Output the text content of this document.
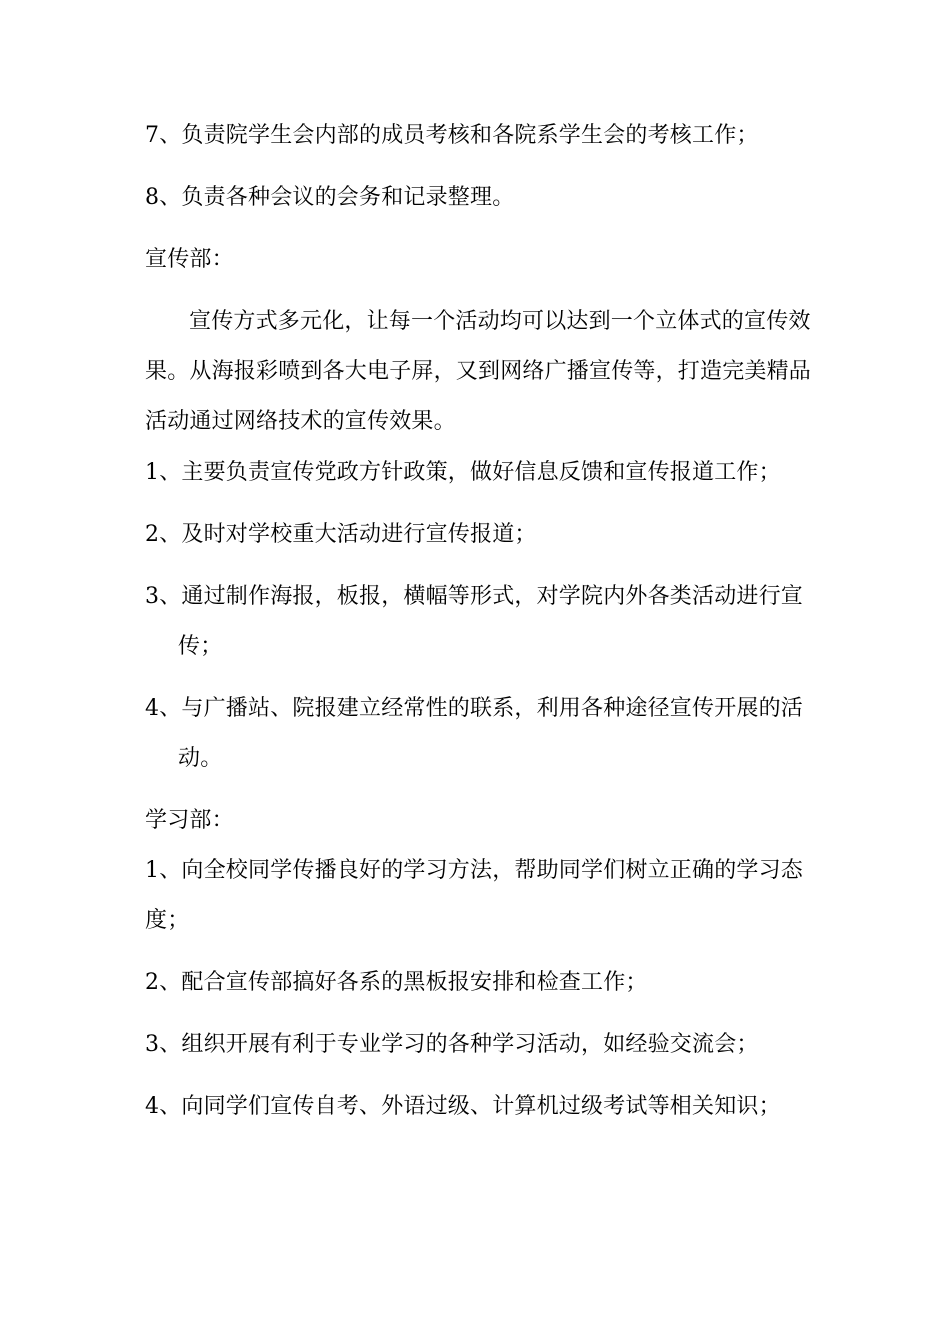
7、负责院学生会内部的成员考核和各院系学生会的考核工作；
8、负责各种会议的会务和记录整理。
宣传部：
宣传方式多元化，让每一个活动均可以达到一个立体式的宣传效
果。从海报彩喷到各大电子屏，又到网络广播宣传等，打造完美精品
活动通过网络技术的宣传效果。
1、主要负责宣传党政方针政策，做好信息反馈和宣传报道工作；
2、及时对学校重大活动进行宣传报道；
3、通过制作海报，板报，横幅等形式，对学院内外各类活动进行宣
传；
4、与广播站、院报建立经常性的联系，利用各种途径宣传开展的活
动。
学习部：
1、向全校同学传播良好的学习方法，帮助同学们树立正确的学习态
度；
2、配合宣传部搞好各系的黑板报安排和检查工作；
3、组织开展有利于专业学习的各种学习活动，如经验交流会；
4、向同学们宣传自考、外语过级、计算机过级考试等相关知识；
